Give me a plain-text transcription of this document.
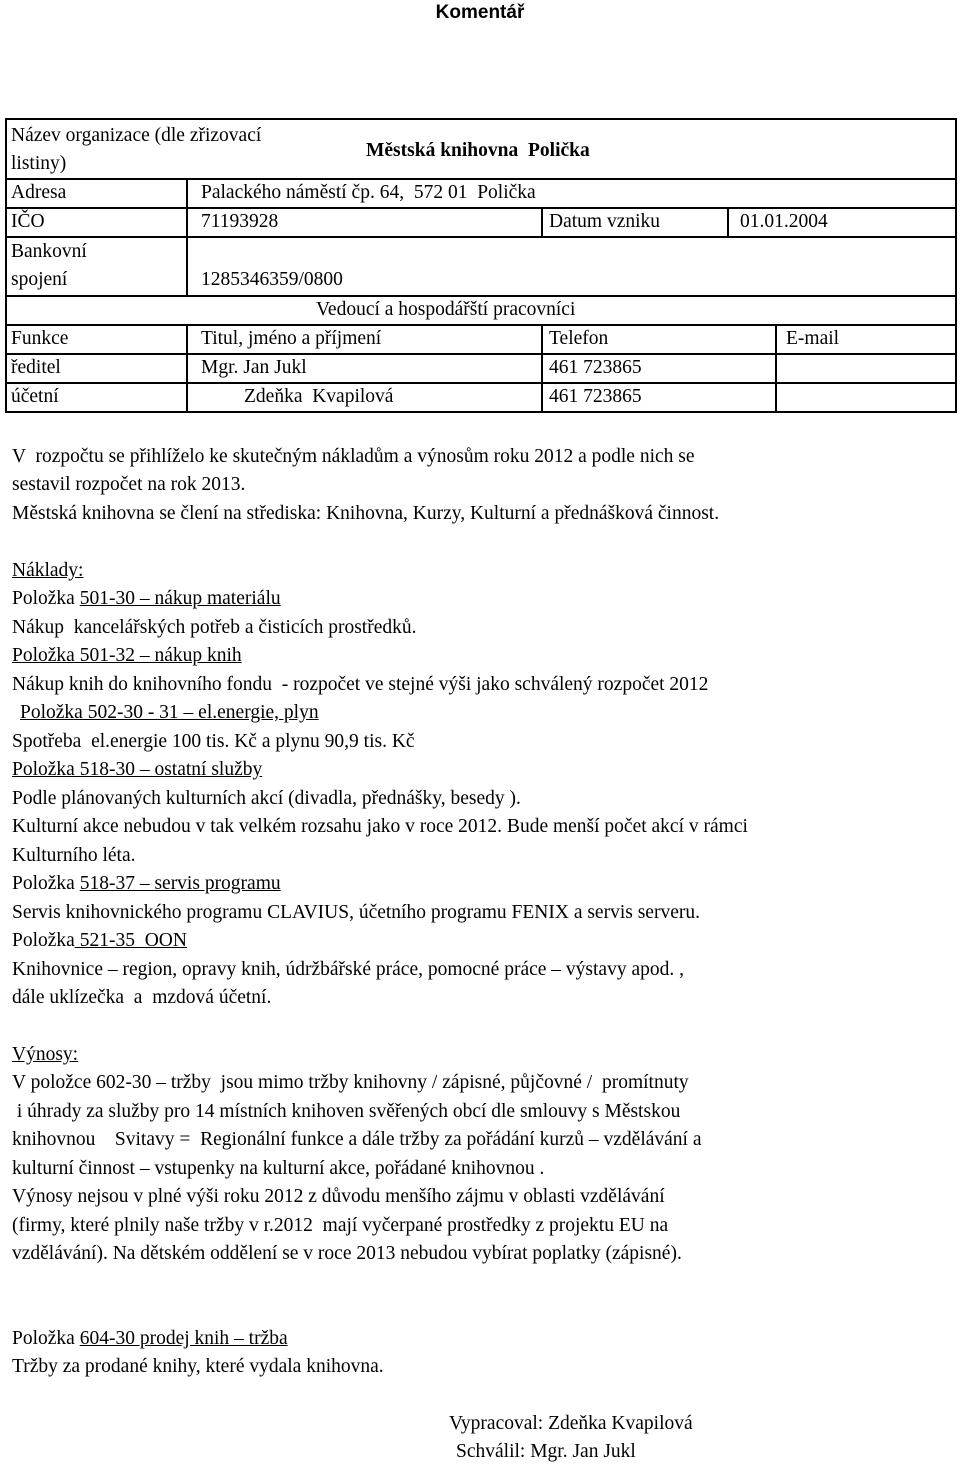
Komentář
Název organizace (dle zřizovací
listiny)
Městská knihovna  Polička
Adresa	Palackého náměstí čp. 64,  572 01  Polička
IČO	71193928	Datum vzniku	01.01.2004
Bankovní
spojení	1285346359/0800
Vedoucí a hospodářští pracovníci
Funkce	Titul, jméno a příjmení	Telefon	E-mail
ředitel	Mgr. Jan Jukl	461 723865
účetní	Zdeňka  Kvapilová	461 723865
V  rozpočtu se přihlíželo ke skutečným nákladům a výnosům roku 2012 a podle nich se
sestavil rozpočet na rok 2013.
Městská knihovna se člení na střediska: Knihovna, Kurzy, Kulturní a přednášková činnost.
Náklady:
Položka 501-30 – nákup materiálu
Nákup  kancelářských potřeb a čisticích prostředků.
Položka 501-32 – nákup knih
Nákup knih do knihovního fondu  - rozpočet ve stejné výši jako schválený rozpočet 2012
Položka 502-30 - 31 – el.energie, plyn
Spotřeba  el.energie 100 tis. Kč a plynu 90,9 tis. Kč
Položka 518-30 – ostatní služby
Podle plánovaných kulturních akcí (divadla, přednášky, besedy ).
Kulturní akce nebudou v tak velkém rozsahu jako v roce 2012. Bude menší počet akcí v rámci
Kulturního léta.
Položka 518-37 – servis programu
Servis knihovnického programu CLAVIUS, účetního programu FENIX a servis serveru.
Položka 521-35  OON
Knihovnice – region, opravy knih, údržbářské práce, pomocné práce – výstavy apod. ,
dále uklízečka  a  mzdová účetní.
Výnosy:
V položce 602-30 – tržby  jsou mimo tržby knihovny / zápisné, půjčovné /  promítnuty
i úhrady za služby pro 14 místních knihoven svěřených obcí dle smlouvy s Městskou
knihovnou    Svitavy =  Regionální funkce a dále tržby za pořádání kurzů – vzdělávání a
kulturní činnost – vstupenky na kulturní akce, pořádané knihovnou .
Výnosy nejsou v plné výši roku 2012 z důvodu menšího zájmu v oblasti vzdělávání
(firmy, které plnily naše tržby v r.2012  mají vyčerpané prostředky z projektu EU na
vzdělávání). Na dětském oddělení se v roce 2013 nebudou vybírat poplatky (zápisné).
Položka 604-30 prodej knih – tržba
Tržby za prodané knihy, které vydala knihovna.
Vypracoval: Zdeňka Kvapilová
Schválil: Mgr. Jan Jukl
